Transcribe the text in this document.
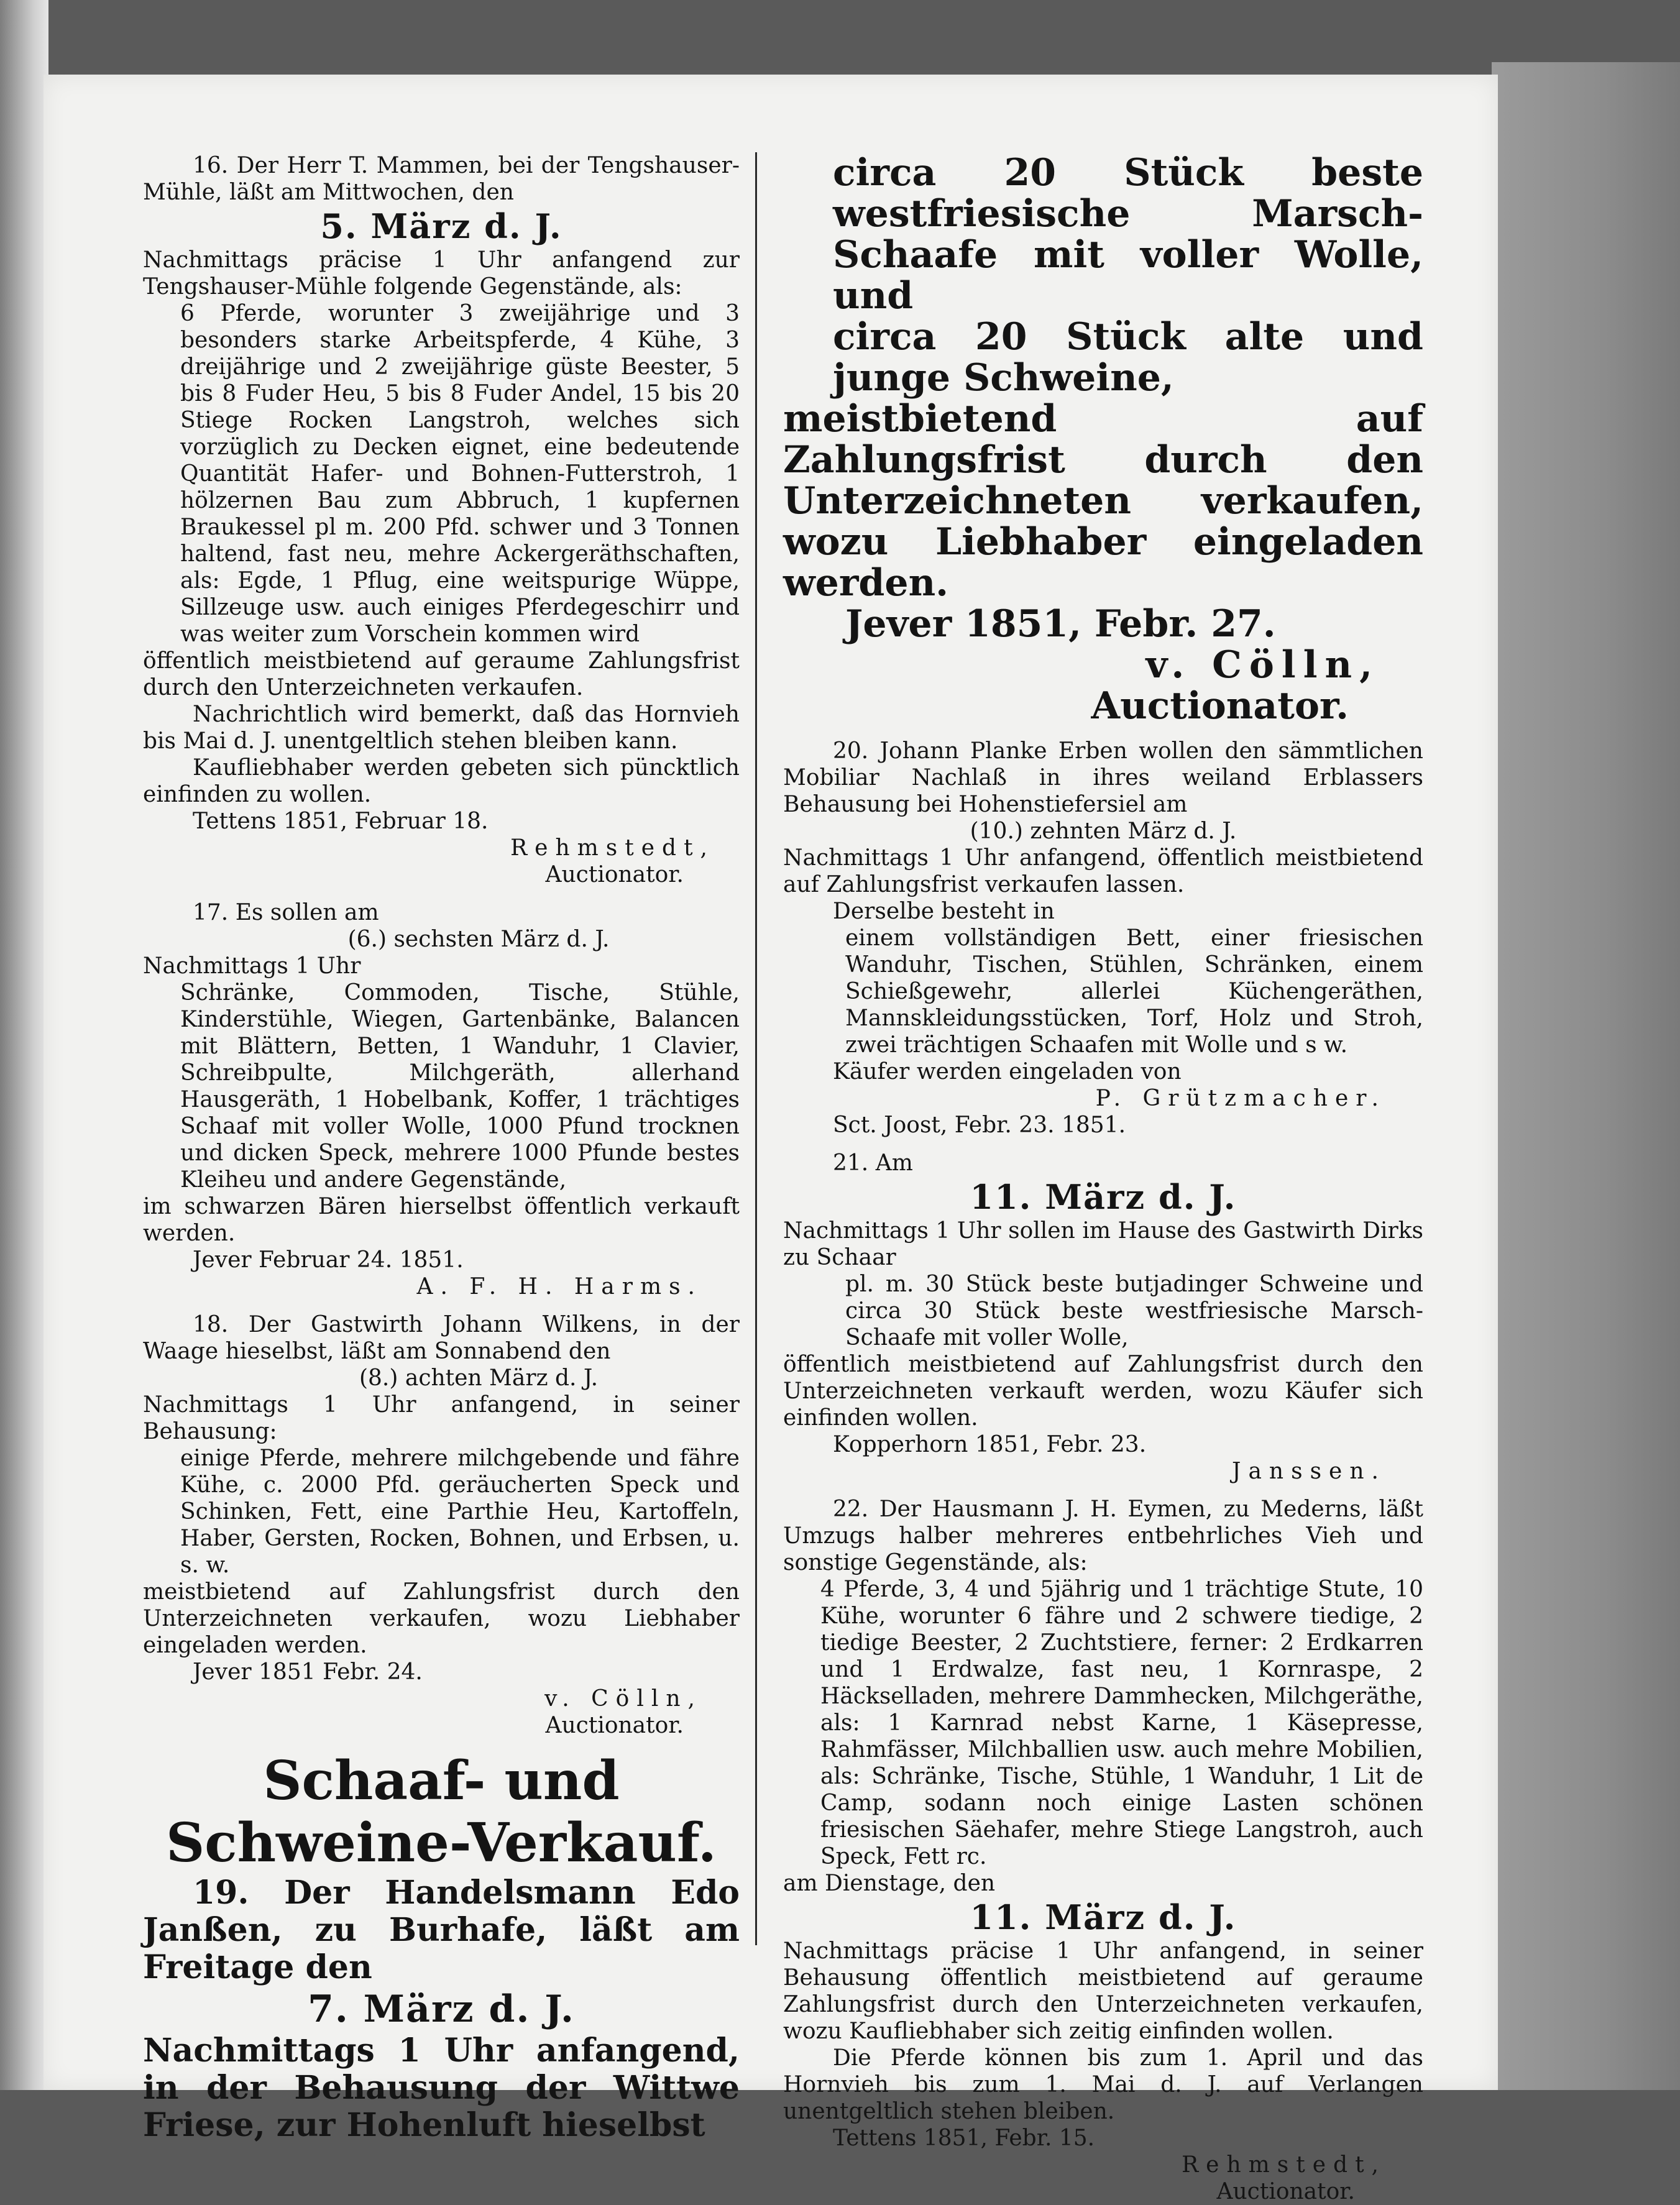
16. Der Herr T. Mammen, bei der Tengshauser-Mühle, läßt am Mittwochen, den

5. März d. J.

Nachmittags präcise 1 Uhr anfangend zur Tengshauser-Mühle folgende Gegenstände, als:

6 Pferde, worunter 3 zweijährige und 3 besonders starke Arbeitspferde, 4 Kühe, 3 dreijährige und 2 zweijährige güste Beester, 5 bis 8 Fuder Heu, 5 bis 8 Fuder Andel, 15 bis 20 Stiege Rocken Langstroh, welches sich vorzüglich zu Decken eignet, eine bedeutende Quantität Hafer- und Bohnen-Futterstroh, 1 hölzernen Bau zum Abbruch, 1 kupfernen Braukessel pl m. 200 Pfd. schwer und 3 Tonnen haltend, fast neu, mehre Ackergeräthschaften, als: Egde, 1 Pflug, eine weitspurige Wüppe, Sillzeuge usw. auch einiges Pferdegeschirr und was weiter zum Vorschein kommen wird

öffentlich meistbietend auf geraume Zahlungsfrist durch den Unterzeichneten verkaufen.

Nachrichtlich wird bemerkt, daß das Hornvieh bis Mai d. J. unentgeltlich stehen bleiben kann.

Kaufliebhaber werden gebeten sich püncktlich einfinden zu wollen.

Tettens 1851, Februar 18.

Rehmstedt,

Auctionator.

17. Es sollen am

(6.) sechsten März d. J.

Nachmittags 1 Uhr

Schränke, Commoden, Tische, Stühle, Kinderstühle, Wiegen, Gartenbänke, Balancen mit Blättern, Betten, 1 Wanduhr, 1 Clavier, Schreibpulte, Milchgeräth, allerhand Hausgeräth, 1 Hobelbank, Koffer, 1 trächtiges Schaaf mit voller Wolle, 1000 Pfund trocknen und dicken Speck, mehrere 1000 Pfunde bestes Kleiheu und andere Gegenstände,

im schwarzen Bären hierselbst öffentlich verkauft werden.

Jever Februar 24. 1851.

A. F. H. Harms.

18. Der Gastwirth Johann Wilkens, in der Waage hieselbst, läßt am Sonnabend den

(8.) achten März d. J.

Nachmittags 1 Uhr anfangend, in seiner Behausung:

einige Pferde, mehrere milchgebende und fähre Kühe, c. 2000 Pfd. geräucherten Speck und Schinken, Fett, eine Parthie Heu, Kartoffeln, Haber, Gersten, Rocken, Bohnen, und Erbsen, u. s. w.

meistbietend auf Zahlungsfrist durch den Unterzeichneten verkaufen, wozu Liebhaber eingeladen werden.

Jever 1851 Febr. 24.

v. Cölln,

Auctionator.

Schaaf- und Schweine-Verkauf.

19. Der Handelsmann Edo Janßen, zu Burhafe, läßt am Freitage den

7. März d. J.

Nachmittags 1 Uhr anfangend, in der Behausung der Wittwe Friese, zur Hohenluft hieselbst

circa 20 Stück beste westfriesische Marsch-Schaafe mit voller Wolle, und

circa 20 Stück alte und junge Schweine,

meistbietend auf Zahlungsfrist durch den Unterzeichneten verkaufen, wozu Liebhaber eingeladen werden.

Jever 1851, Febr. 27.

v. Cölln,

Auctionator.

20. Johann Planke Erben wollen den sämmtlichen Mobiliar Nachlaß in ihres weiland Erblassers Behausung bei Hohenstiefersiel am

(10.) zehnten März d. J.

Nachmittags 1 Uhr anfangend, öffentlich meistbietend auf Zahlungsfrist verkaufen lassen.

Derselbe besteht in

einem vollständigen Bett, einer friesischen Wanduhr, Tischen, Stühlen, Schränken, einem Schießgewehr, allerlei Küchengeräthen, Mannskleidungsstücken, Torf, Holz und Stroh, zwei trächtigen Schaafen mit Wolle und s w.

Käufer werden eingeladen von

P. Grützmacher.

Sct. Joost, Febr. 23. 1851.

21. Am

11. März d. J.

Nachmittags 1 Uhr sollen im Hause des Gastwirth Dirks zu Schaar

pl. m. 30 Stück beste butjadinger Schweine und circa 30 Stück beste westfriesische Marsch-Schaafe mit voller Wolle,

öffentlich meistbietend auf Zahlungsfrist durch den Unterzeichneten verkauft werden, wozu Käufer sich einfinden wollen.

Kopperhorn 1851, Febr. 23.

Janssen.

22. Der Hausmann J. H. Eymen, zu Mederns, läßt Umzugs halber mehreres entbehrliches Vieh und sonstige Gegenstände, als:

4 Pferde, 3, 4 und 5jährig und 1 trächtige Stute, 10 Kühe, worunter 6 fähre und 2 schwere tiedige, 2 tiedige Beester, 2 Zuchtstiere, ferner: 2 Erdkarren und 1 Erdwalze, fast neu, 1 Kornraspe, 2 Häckselladen, mehrere Dammhecken, Milchgeräthe, als: 1 Karnrad nebst Karne, 1 Käsepresse, Rahmfässer, Milchballien usw. auch mehre Mobilien, als: Schränke, Tische, Stühle, 1 Wanduhr, 1 Lit de Camp, sodann noch einige Lasten schönen friesischen Säehafer, mehre Stiege Langstroh, auch Speck, Fett rc.

am Dienstage, den

11. März d. J.

Nachmittags präcise 1 Uhr anfangend, in seiner Behausung öffentlich meistbietend auf geraume Zahlungsfrist durch den Unterzeichneten verkaufen, wozu Kaufliebhaber sich zeitig einfinden wollen.

Die Pferde können bis zum 1. April und das Hornvieh bis zum 1. Mai d. J. auf Verlangen unentgeltlich stehen bleiben.

Tettens 1851, Febr. 15.

Rehmstedt,

Auctionator.
